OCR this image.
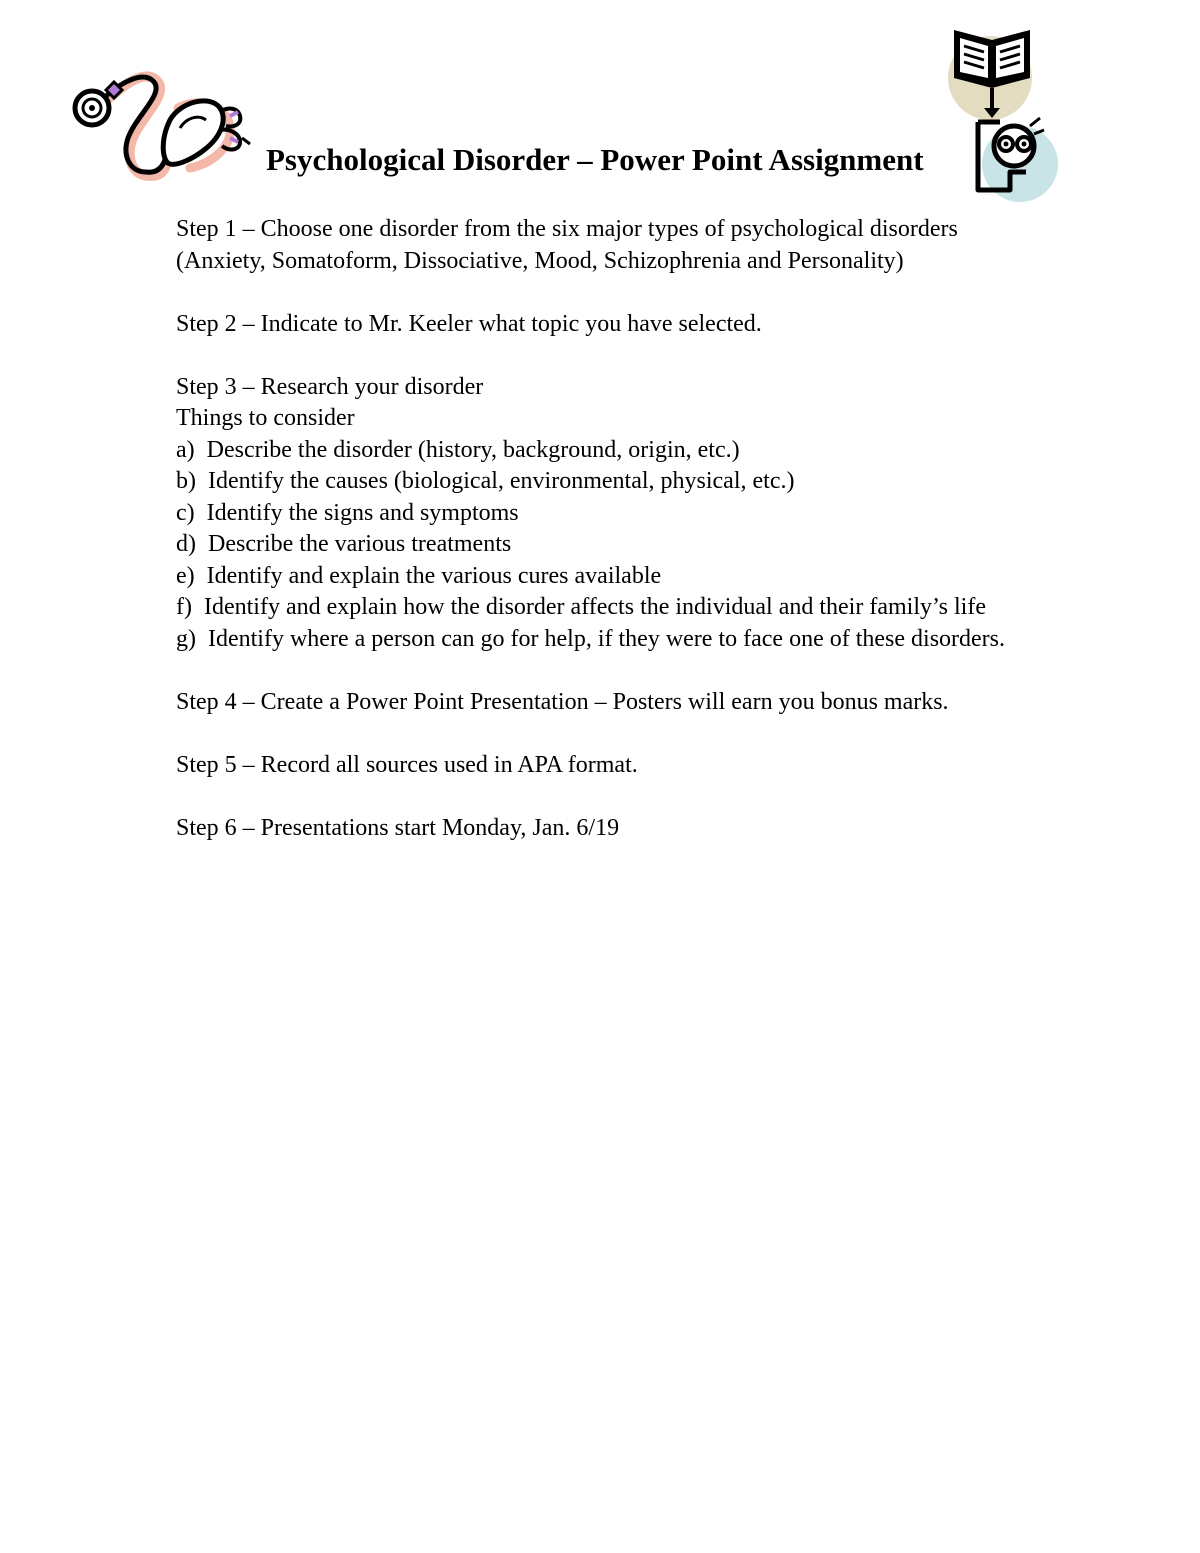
Psychological Disorder – Power Point Assignment

Step 1 – Choose one disorder from the six major types of psychological disorders (Anxiety, Somatoform, Dissociative, Mood, Schizophrenia and Personality)

Step 2 – Indicate to Mr. Keeler what topic you have selected.

Step 3 – Research your disorder

Things to consider

a)  Describe the disorder (history, background, origin, etc.)

b)  Identify the causes (biological, environmental, physical, etc.)

c)  Identify the signs and symptoms

d)  Describe the various treatments

e)  Identify and explain the various cures available

f)  Identify and explain how the disorder affects the individual and their family’s life

g)  Identify where a person can go for help, if they were to face one of these disorders.

Step 4 – Create a Power Point Presentation – Posters will earn you bonus marks.

Step 5 – Record all sources used in APA format.

Step 6 – Presentations start Monday, Jan. 6/19
